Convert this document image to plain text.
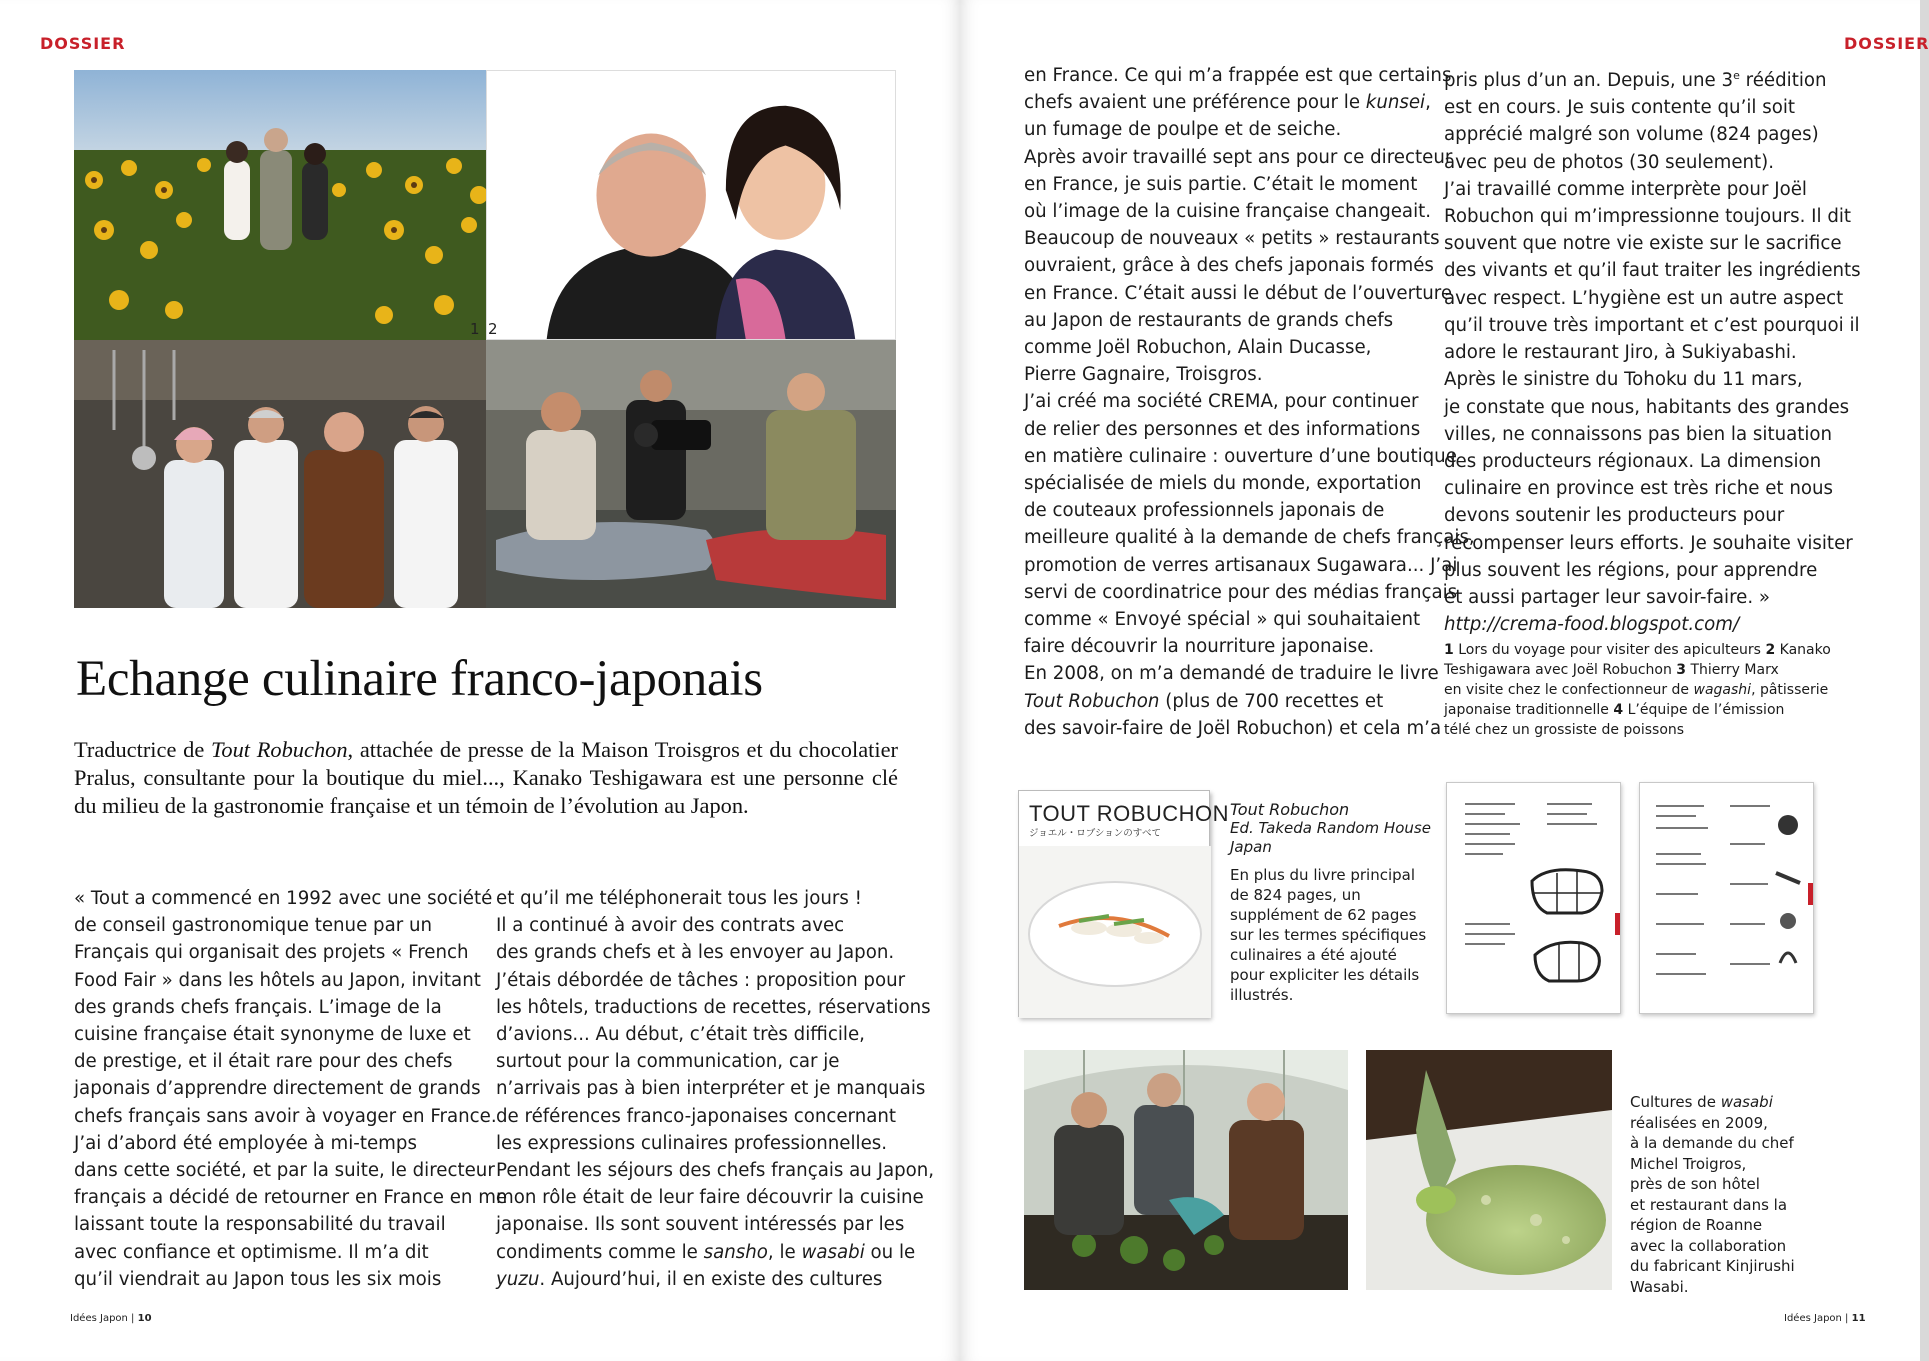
DOSSIER
1 2
Echange culinaire franco-japonais
Traductrice de Tout Robuchon, attachée de presse de la Maison Troisgros et du chocolatier Pralus, consultante pour la boutique du miel..., Kanako Teshigawara est une personne clé du milieu de la gastronomie française et un témoin de l’évolution au Japon.
« Tout a commencé en 1992 avec une société
de conseil gastronomique tenue par un
Français qui organisait des projets « French
Food Fair » dans les hôtels au Japon, invitant
des grands chefs français. L’image de la
cuisine française était synonyme de luxe et
de prestige, et il était rare pour des chefs
japonais d’apprendre directement de grands
chefs français sans avoir à voyager en France.
J’ai d’abord été employée à mi-temps
dans cette société, et par la suite, le directeur
français a décidé de retourner en France en me
laissant toute la responsabilité du travail
avec confiance et optimisme. Il m’a dit
qu’il viendrait au Japon tous les six mois
et qu’il me téléphonerait tous les jours !
Il a continué à avoir des contrats avec
des grands chefs et à les envoyer au Japon.
J’étais débordée de tâches : proposition pour
les hôtels, traductions de recettes, réservations
d’avions... Au début, c’était très difficile,
surtout pour la communication, car je
n’arrivais pas à bien interpréter et je manquais
de références franco-japonaises concernant
les expressions culinaires professionnelles.
Pendant les séjours des chefs français au Japon,
mon rôle était de leur faire découvrir la cuisine
japonaise. Ils sont souvent intéressés par les
condiments comme le sansho, le wasabi ou le
yuzu. Aujourd’hui, il en existe des cultures
Idées Japon | 10
DOSSIER
en France. Ce qui m’a frappée est que certains
chefs avaient une préférence pour le kunsei,
un fumage de poulpe et de seiche.
Après avoir travaillé sept ans pour ce directeur
en France, je suis partie. C’était le moment
où l’image de la cuisine française changeait.
Beaucoup de nouveaux « petits » restaurants
ouvraient, grâce à des chefs japonais formés
en France. C’était aussi le début de l’ouverture
au Japon de restaurants de grands chefs
comme Joël Robuchon, Alain Ducasse,
Pierre Gagnaire, Troisgros.
J’ai créé ma société CREMA, pour continuer
de relier des personnes et des informations
en matière culinaire : ouverture d’une boutique
spécialisée de miels du monde, exportation
de couteaux professionnels japonais de
meilleure qualité à la demande de chefs français,
promotion de verres artisanaux Sugawara... J’ai
servi de coordinatrice pour des médias français
comme « Envoyé spécial » qui souhaitaient
faire découvrir la nourriture japonaise.
En 2008, on m’a demandé de traduire le livre
Tout Robuchon (plus de 700 recettes et
des savoir-faire de Joël Robuchon) et cela m’a
pris plus d’un an. Depuis, une 3e réédition
est en cours. Je suis contente qu’il soit
apprécié malgré son volume (824 pages)
avec peu de photos (30 seulement).
J’ai travaillé comme interprète pour Joël
Robuchon qui m’impressionne toujours. Il dit
souvent que notre vie existe sur le sacrifice
des vivants et qu’il faut traiter les ingrédients
avec respect. L’hygiène est un autre aspect
qu’il trouve très important et c’est pourquoi il
adore le restaurant Jiro, à Sukiyabashi.
Après le sinistre du Tohoku du 11 mars,
je constate que nous, habitants des grandes
villes, ne connaissons pas bien la situation
des producteurs régionaux. La dimension
culinaire en province est très riche et nous
devons soutenir les producteurs pour
récompenser leurs efforts. Je souhaite visiter
plus souvent les régions, pour apprendre
et aussi partager leur savoir-faire. »
http://crema-food.blogspot.com/
1 Lors du voyage pour visiter des apiculteurs 2 Kanako
Teshigawara avec Joël Robuchon 3 Thierry Marx
en visite chez le confectionneur de wagashi, pâtisserie
japonaise traditionnelle 4 L’équipe de l’émission
télé chez un grossiste de poissons
TOUT ROBUCHON
ジョエル・ロブションのすべて
Tout Robuchon
Ed. Takeda Random House
Japan
En plus du livre principal
de 824 pages, un
supplément de 62 pages
sur les termes spécifiques
culinaires a été ajouté
pour expliciter les détails
illustrés.
Cultures de wasabi
réalisées en 2009,
à la demande du chef
Michel Troigros,
près de son hôtel
et restaurant dans la
région de Roanne
avec la collaboration
du fabricant Kinjirushi
Wasabi.
Idées Japon | 11
